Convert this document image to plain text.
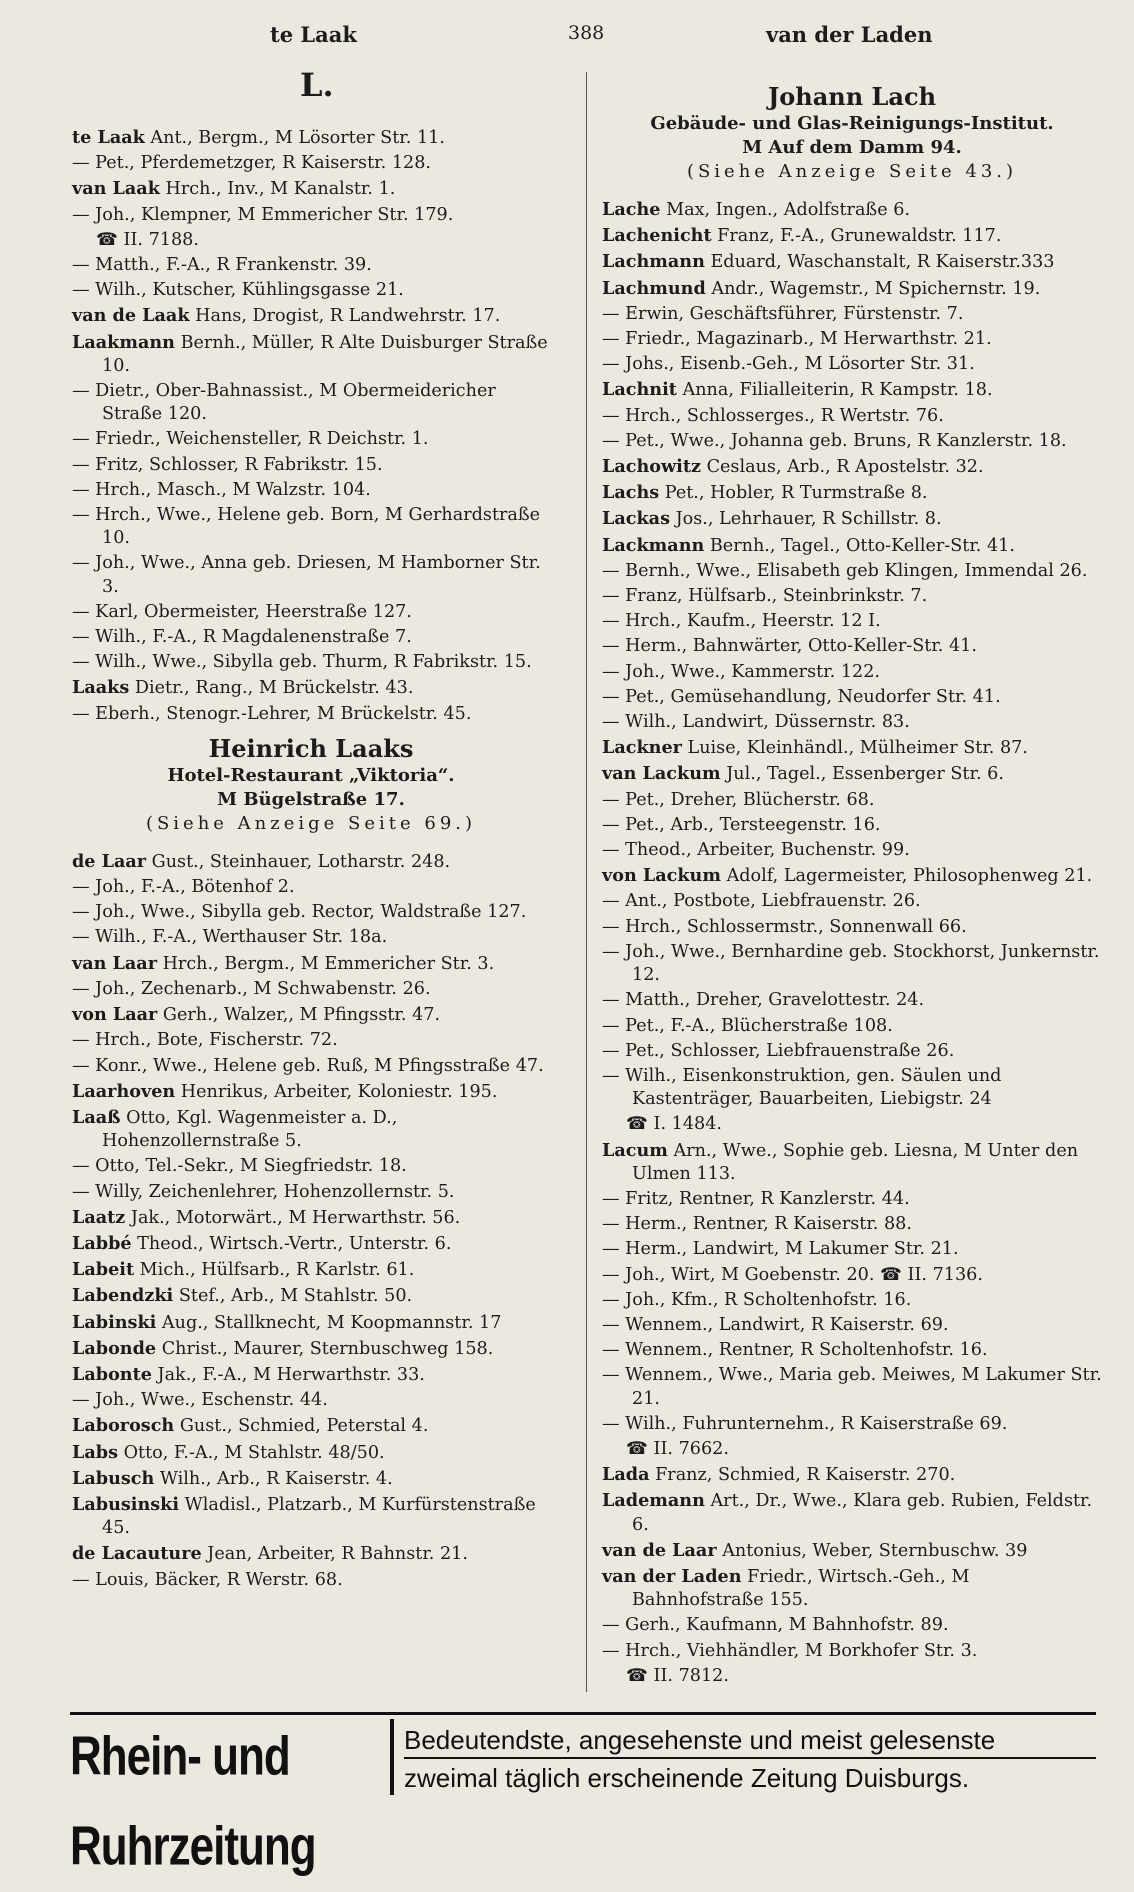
te Laak	388	van der Laden
L.
te Laak Ant., Bergm., M Lösorter Str. 11.
— Pet., Pferdemetzger, R Kaiserstr. 128.
van Laak Hrch., Inv., M Kanalstr. 1.
— Joh., Klempner, M Emmericher Str. 179.
☎ II. 7188.
— Matth., F.-A., R Frankenstr. 39.
— Wilh., Kutscher, Kühlingsgasse 21.
van de Laak Hans, Drogist, R Landwehrstr. 17.
Laakmann Bernh., Müller, R Alte Duisburger Straße 10.
— Dietr., Ober-Bahnassist., M Obermeidericher Straße 120.
— Friedr., Weichensteller, R Deichstr. 1.
— Fritz, Schlosser, R Fabrikstr. 15.
— Hrch., Masch., M Walzstr. 104.
— Hrch., Wwe., Helene geb. Born, M Gerhardstraße 10.
— Joh., Wwe., Anna geb. Driesen, M Hamborner Str. 3.
— Karl, Obermeister, Heerstraße 127.
— Wilh., F.-A., R Magdalenenstraße 7.
— Wilh., Wwe., Sibylla geb. Thurm, R Fabrikstr. 15.
Laaks Dietr., Rang., M Brückelstr. 43.
— Eberh., Stenogr.-Lehrer, M Brückelstr. 45.
Heinrich Laaks
Hotel-Restaurant „Viktoria“.
M Bügelstraße 17.
(Siehe Anzeige Seite 69.)
de Laar Gust., Steinhauer, Lotharstr. 248.
— Joh., F.-A., Bötenhof 2.
— Joh., Wwe., Sibylla geb. Rector, Waldstraße 127.
— Wilh., F.-A., Werthauser Str. 18a.
van Laar Hrch., Bergm., M Emmericher Str. 3.
— Joh., Zechenarb., M Schwabenstr. 26.
von Laar Gerh., Walzer,, M Pfingsstr. 47.
— Hrch., Bote, Fischerstr. 72.
— Konr., Wwe., Helene geb. Ruß, M Pfingsstraße 47.
Laarhoven Henrikus, Arbeiter, Koloniestr. 195.
Laaß Otto, Kgl. Wagenmeister a. D., Hohenzollernstraße 5.
— Otto, Tel.-Sekr., M Siegfriedstr. 18.
— Willy, Zeichenlehrer, Hohenzollernstr. 5.
Laatz Jak., Motorwärt., M Herwarthstr. 56.
Labbé Theod., Wirtsch.-Vertr., Unterstr. 6.
Labeit Mich., Hülfsarb., R Karlstr. 61.
Labendzki Stef., Arb., M Stahlstr. 50.
Labinski Aug., Stallknecht, M Koopmannstr. 17
Labonde Christ., Maurer, Sternbuschweg 158.
Labonte Jak., F.-A., M Herwarthstr. 33.
— Joh., Wwe., Eschenstr. 44.
Laborosch Gust., Schmied, Peterstal 4.
Labs Otto, F.-A., M Stahlstr. 48/50.
Labusch Wilh., Arb., R Kaiserstr. 4.
Labusinski Wladisl., Platzarb., M Kurfürstenstraße 45.
de Lacauture Jean, Arbeiter, R Bahnstr. 21.
— Louis, Bäcker, R Werstr. 68.
Johann Lach
Gebäude- und Glas-Reinigungs-Institut.
M Auf dem Damm 94.
(Siehe Anzeige Seite 43.)
Lache Max, Ingen., Adolfstraße 6.
Lachenicht Franz, F.-A., Grunewaldstr. 117.
Lachmann Eduard, Waschanstalt, R Kaiserstr.333
Lachmund Andr., Wagemstr., M Spichernstr. 19.
— Erwin, Geschäftsführer, Fürstenstr. 7.
— Friedr., Magazinarb., M Herwarthstr. 21.
— Johs., Eisenb.-Geh., M Lösorter Str. 31.
Lachnit Anna, Filialleiterin, R Kampstr. 18.
— Hrch., Schlosserges., R Wertstr. 76.
— Pet., Wwe., Johanna geb. Bruns, R Kanzlerstr. 18.
Lachowitz Ceslaus, Arb., R Apostelstr. 32.
Lachs Pet., Hobler, R Turmstraße 8.
Lackas Jos., Lehrhauer, R Schillstr. 8.
Lackmann Bernh., Tagel., Otto-Keller-Str. 41.
— Bernh., Wwe., Elisabeth geb Klingen, Immendal 26.
— Franz, Hülfsarb., Steinbrinkstr. 7.
— Hrch., Kaufm., Heerstr. 12 I.
— Herm., Bahnwärter, Otto-Keller-Str. 41.
— Joh., Wwe., Kammerstr. 122.
— Pet., Gemüsehandlung, Neudorfer Str. 41.
— Wilh., Landwirt, Düssernstr. 83.
Lackner Luise, Kleinhändl., Mülheimer Str. 87.
van Lackum Jul., Tagel., Essenberger Str. 6.
— Pet., Dreher, Blücherstr. 68.
— Pet., Arb., Tersteegenstr. 16.
— Theod., Arbeiter, Buchenstr. 99.
von Lackum Adolf, Lagermeister, Philosophenweg 21.
— Ant., Postbote, Liebfrauenstr. 26.
— Hrch., Schlossermstr., Sonnenwall 66.
— Joh., Wwe., Bernhardine geb. Stockhorst, Junkernstr. 12.
— Matth., Dreher, Gravelottestr. 24.
— Pet., F.-A., Blücherstraße 108.
— Pet., Schlosser, Liebfrauenstraße 26.
— Wilh., Eisenkonstruktion, gen. Säulen und Kastenträger, Bauarbeiten, Liebigstr. 24
☎ I. 1484.
Lacum Arn., Wwe., Sophie geb. Liesna, M Unter den Ulmen 113.
— Fritz, Rentner, R Kanzlerstr. 44.
— Herm., Rentner, R Kaiserstr. 88.
— Herm., Landwirt, M Lakumer Str. 21.
— Joh., Wirt, M Goebenstr. 20. ☎ II. 7136.
— Joh., Kfm., R Scholtenhofstr. 16.
— Wennem., Landwirt, R Kaiserstr. 69.
— Wennem., Rentner, R Scholtenhofstr. 16.
— Wennem., Wwe., Maria geb. Meiwes, M Lakumer Str. 21.
— Wilh., Fuhrunternehm., R Kaiserstraße 69.
☎ II. 7662.
Lada Franz, Schmied, R Kaiserstr. 270.
Lademann Art., Dr., Wwe., Klara geb. Rubien, Feldstr. 6.
van de Laar Antonius, Weber, Sternbuschw. 39
van der Laden Friedr., Wirtsch.-Geh., M Bahnhofstraße 155.
— Gerh., Kaufmann, M Bahnhofstr. 89.
— Hrch., Viehhändler, M Borkhofer Str. 3.
☎ II. 7812.
Rhein- und Ruhrzeitung
Bedeutendste, angesehenste und meist gelesenste
zweimal täglich erscheinende Zeitung Duisburgs.
